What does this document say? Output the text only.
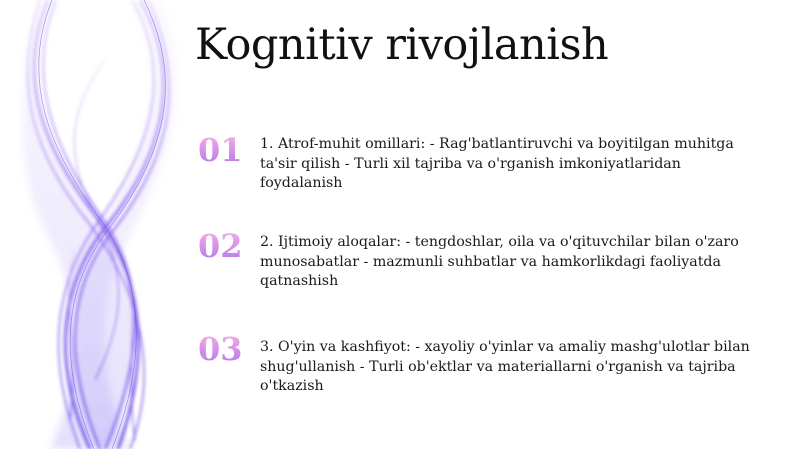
Kognitiv rivojlanish
01 1. Atrof-muhit omillari: - Rag'batlantiruvchi va boyitilgan muhitga ta'sir qilish - Turli xil tajriba va o'rganish imkoniyatlaridan foydalanish
02 2. Ijtimoiy aloqalar: - tengdoshlar, oila va o'qituvchilar bilan o'zaro munosabatlar - mazmunli suhbatlar va hamkorlikdagi faoliyatda qatnashish
03 3. O'yin va kashfiyot: - xayoliy o'yinlar va amaliy mashg'ulotlar bilan shug'ullanish - Turli ob'ektlar va materiallarni o'rganish va tajriba o'tkazish
